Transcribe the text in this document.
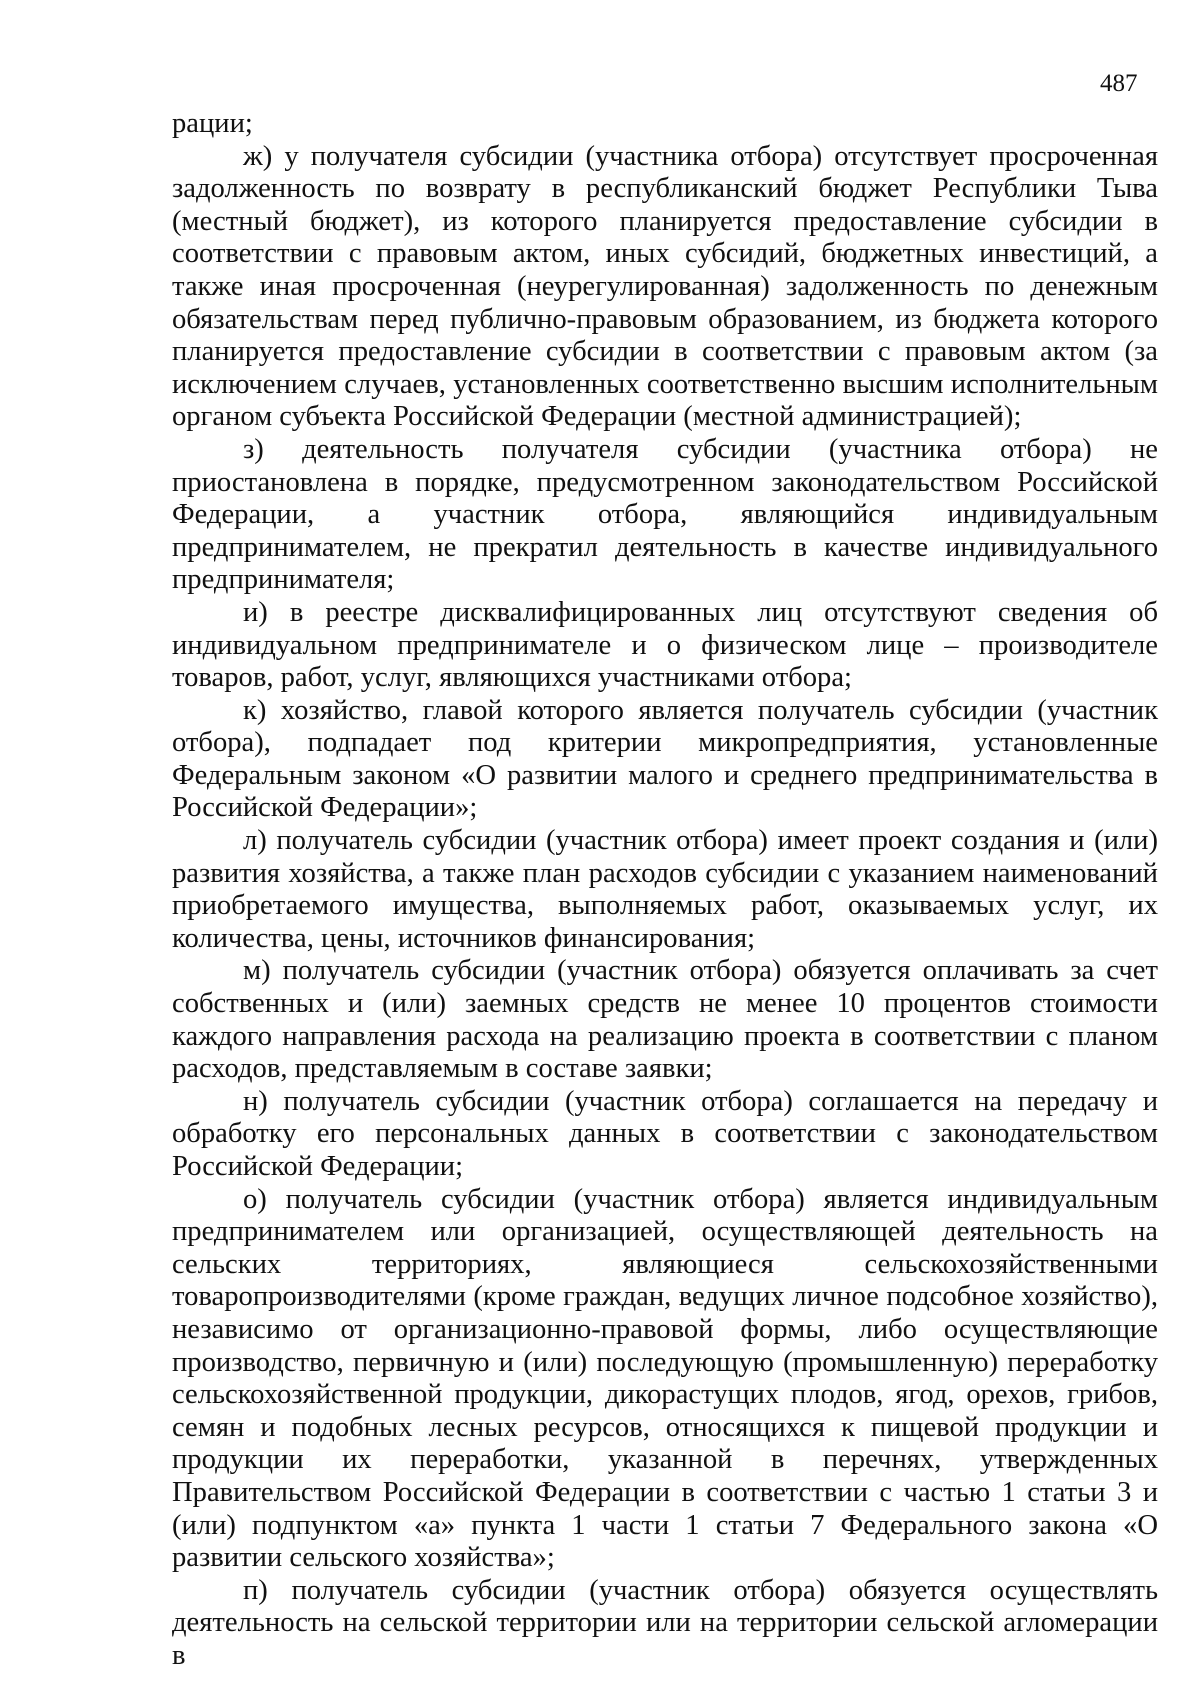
487

рации;

ж) у получателя субсидии (участника отбора) отсутствует просроченная задолженность по возврату в республиканский бюджет Республики Тыва (местный бюджет), из которого планируется предоставление субсидии в соответствии с правовым актом, иных субсидий, бюджетных инвестиций, а также иная просроченная (неурегулированная) задолженность по денежным обязательствам перед публично-правовым образованием, из бюджета которого планируется предоставление субсидии в соответствии с правовым актом (за исключением случаев, установленных соответственно высшим исполнительным органом субъекта Российской Федерации (местной администрацией);

з) деятельность получателя субсидии (участника отбора) не приостановлена в порядке, предусмотренном законодательством Российской Федерации, а участник отбора, являющийся индивидуальным предпринимателем, не прекратил деятельность в качестве индивидуального предпринимателя;

и) в реестре дисквалифицированных лиц отсутствуют сведения об индивидуальном предпринимателе и о физическом лице – производителе товаров, работ, услуг, являющихся участниками отбора;

к) хозяйство, главой которого является получатель субсидии (участник отбора), подпадает под критерии микропредприятия, установленные Федеральным законом «О развитии малого и среднего предпринимательства в Российской Федерации»;

л) получатель субсидии (участник отбора) имеет проект создания и (или) развития хозяйства, а также план расходов субсидии с указанием наименований приобретаемого имущества, выполняемых работ, оказываемых услуг, их количества, цены, источников финансирования;

м) получатель субсидии (участник отбора) обязуется оплачивать за счет собственных и (или) заемных средств не менее 10 процентов стоимости каждого направления расхода на реализацию проекта в соответствии с планом расходов, представляемым в составе заявки;

н) получатель субсидии (участник отбора) соглашается на передачу и обработку его персональных данных в соответствии с законодательством Российской Федерации;

о) получатель субсидии (участник отбора) является индивидуальным предпринимателем или организацией, осуществляющей деятельность на сельских территориях, являющиеся сельскохозяйственными товаропроизводителями (кроме граждан, ведущих личное подсобное хозяйство), независимо от организационно-правовой формы, либо осуществляющие производство, первичную и (или) последующую (промышленную) переработку сельскохозяйственной продукции, дикорастущих плодов, ягод, орехов, грибов, семян и подобных лесных ресурсов, относящихся к пищевой продукции и продукции их переработки, указанной в перечнях, утвержденных Правительством Российской Федерации в соответствии с частью 1 статьи 3 и (или) подпунктом «а» пункта 1 части 1 статьи 7 Федерального закона «О развитии сельского хозяйства»;

п) получатель субсидии (участник отбора) обязуется осуществлять деятельность на сельской территории или на территории сельской агломерации в
